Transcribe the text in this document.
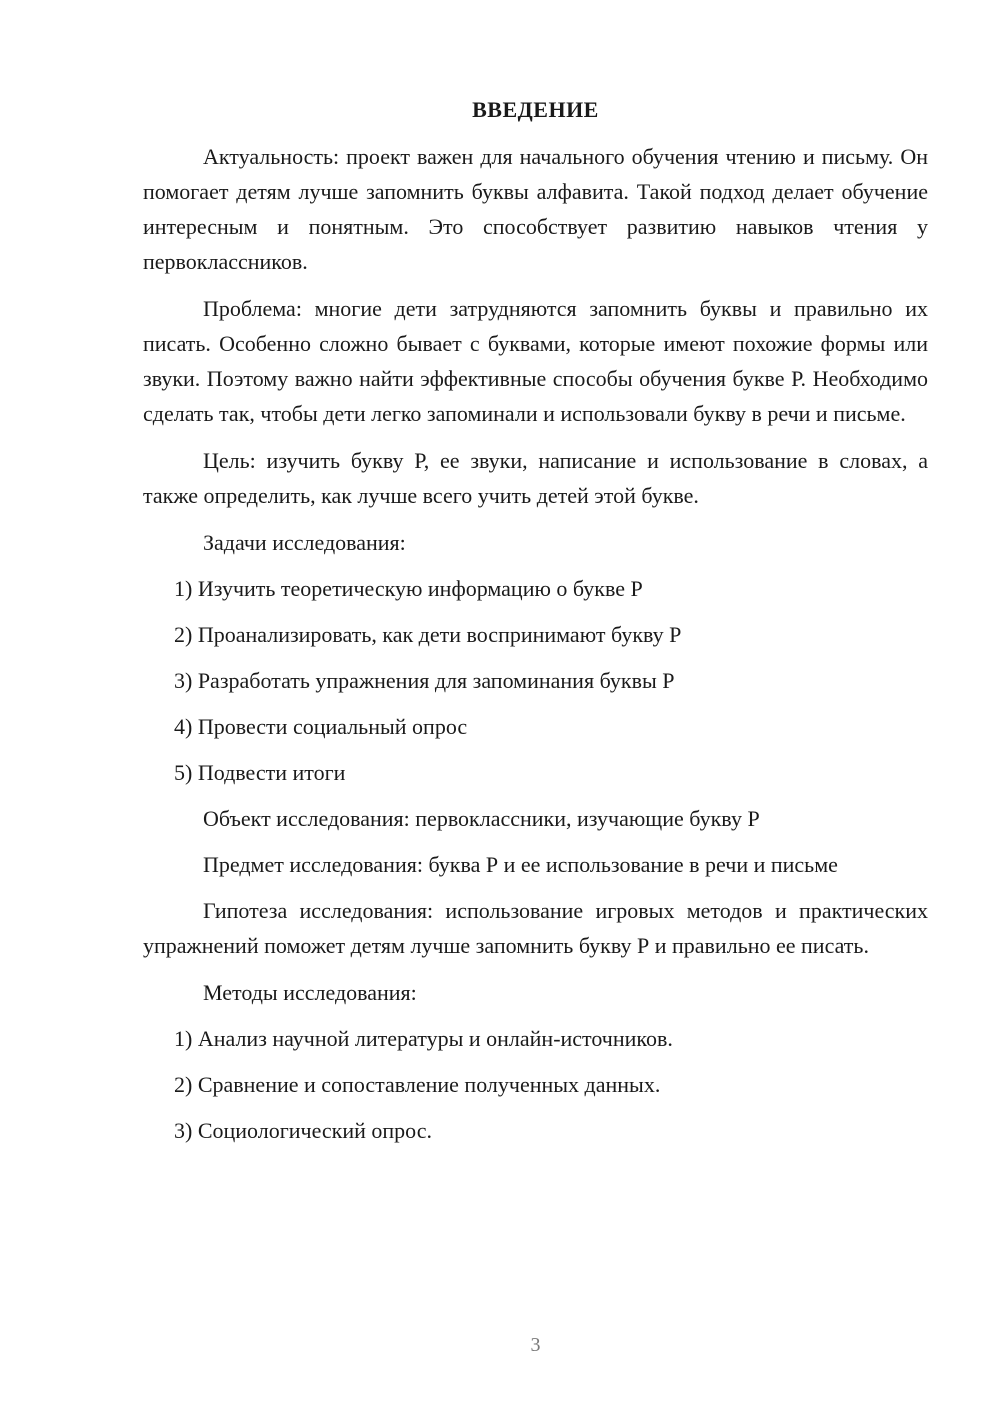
ВВЕДЕНИЕ

Актуальность: проект важен для начального обучения чтению и письму. Он помогает детям лучше запомнить буквы алфавита. Такой подход делает обучение интересным и понятным. Это способствует развитию навыков чтения у первоклассников.

Проблема: многие дети затрудняются запомнить буквы и правильно их писать. Особенно сложно бывает с буквами, которые имеют похожие формы или звуки. Поэтому важно найти эффективные способы обучения букве Р. Необходимо сделать так, чтобы дети легко запоминали и использовали букву в речи и письме.

Цель: изучить букву Р, ее звуки, написание и использование в словах, а также определить, как лучше всего учить детей этой букве.

Задачи исследования:
1) Изучить теоретическую информацию о букве Р
2) Проанализировать, как дети воспринимают букву Р
3) Разработать упражнения для запоминания буквы Р
4) Провести социальный опрос
5) Подвести итоги
Объект исследования: первоклассники, изучающие букву Р
Предмет исследования: буква Р и ее использование в речи и письме

Гипотеза исследования: использование игровых методов и практических упражнений поможет детям лучше запомнить букву Р и правильно ее писать.

Методы исследования:
1) Анализ научной литературы и онлайн-источников.
2) Сравнение и сопоставление полученных данных.
3) Социологический опрос.
3
